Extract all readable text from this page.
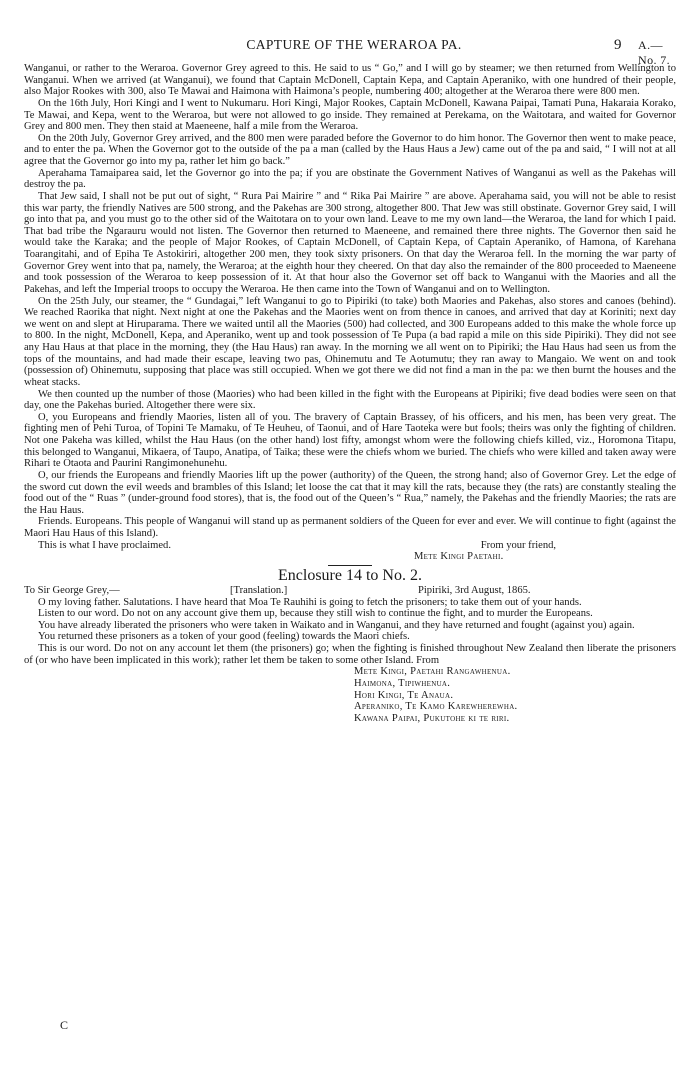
CAPTURE OF THE WERAROA PA.	9 A.—No. 7.

Wanganui, or rather to the Weraroa. Governor Grey agreed to this. He said to us “ Go,” and I will go by steamer; we then returned from Wellington to Wanganui. When we arrived (at Wanganui), we found that Captain McDonell, Captain Kepa, and Captain Aperaniko, with one hundred of their people, also Major Rookes with 300, also Te Mawai and Haimona with Haimona’s people, numbering 400; altogether at the Weraroa there were 800 men.

On the 16th July, Hori Kingi and I went to Nukumaru. Hori Kingi, Major Rookes, Captain McDonell, Kawana Paipai, Tamati Puna, Hakaraia Korako, Te Mawai, and Kepa, went to the Weraroa, but were not allowed to go inside. They remained at Perekama, on the Waitotara, and waited for Governor Grey and 800 men. They then staid at Maeneene, half a mile from the Weraroa.

On the 20th July, Governor Grey arrived, and the 800 men were paraded before the Governor to do him honor. The Governor then went to make peace, and to enter the pa. When the Governor got to the outside of the pa a man (called by the Haus Haus a Jew) came out of the pa and said, “ I will not at all agree that the Governor go into my pa, rather let him go back.”

Aperahama Tamaiparea said, let the Governor go into the pa; if you are obstinate the Government Natives of Wanganui as well as the Pakehas will destroy the pa.

That Jew said, I shall not be put out of sight, “ Rura Pai Mairire ” and “ Rika Pai Mairire ” are above. Aperahama said, you will not be able to resist this war party, the friendly Natives are 500 strong, and the Pakehas are 300 strong, altogether 800. That Jew was still obstinate. Governor Grey said, I will go into that pa, and you must go to the other sid of the Waitotara on to your own land. Leave to me my own land—the Weraroa, the land for which I paid. That bad tribe the Ngarauru would not listen. The Governor then returned to Maeneene, and remained there three nights. The Governor then said he would take the Karaka; and the people of Major Rookes, of Captain McDonell, of Captain Kepa, of Captain Aperaniko, of Hamona, of Karehana Toarangitahi, and of Epiha Te Astokiriri, altogether 200 men, they took sixty prisoners. On that day the Weraroa fell. In the morning the war party of Governor Grey went into that pa, namely, the Weraroa; at the eighth hour they cheered. On that day also the remainder of the 800 proceeded to Maeneene and took possession of the Weraroa to keep possession of it. At that hour also the Governor set off back to Wanganui with the Maories and all the Pakehas, and left the Imperial troops to occupy the Weraroa. He then came into the Town of Wanganui and on to Wellington.

On the 25th July, our steamer, the “ Gundagai,” left Wanganui to go to Pipiriki (to take) both Maories and Pakehas, also stores and canoes (behind). We reached Raorika that night. Next night at one the Pakehas and the Maories went on from thence in canoes, and arrived that day at Koriniti; next day we went on and slept at Hiruparama. There we waited until all the Maories (500) had collected, and 300 Europeans added to this make the whole force up to 800. In the night, McDonell, Kepa, and Aperaniko, went up and took possession of Te Pupa (a bad rapid a mile on this side Pipiriki). They did not see any Hau Haus at that place in the morning, they (the Hau Haus) ran away. In the morning we all went on to Pipiriki; the Hau Haus had seen us from the tops of the mountains, and had made their escape, leaving two pas, Ohinemutu and Te Aotumutu; they ran away to Mangaio. We went on and took (possession of) Ohinemutu, supposing that place was still occupied. When we got there we did not find a man in the pa: we then burnt the houses and the wheat stacks.

We then counted up the number of those (Maories) who had been killed in the fight with the Europeans at Pipiriki; five dead bodies were seen on that day, one the Pakehas buried. Altogether there were six.

O, you Europeans and friendly Maories, listen all of you. The bravery of Captain Brassey, of his officers, and his men, has been very great. The fighting men of Pehi Turoa, of Topini Te Mamaku, of Te Heuheu, of Taonui, and of Hare Taoteka were but fools; theirs was only the fighting of children. Not one Pakeha was killed, whilst the Hau Haus (on the other hand) lost fifty, amongst whom were the following chiefs killed, viz., Horomona Titapu, this belonged to Wanganui, Mikaera, of Taupo, Anatipa, of Taika; these were the chiefs whom we buried. The chiefs who were killed and taken away were Rihari te Otaota and Paurini Rangimonehunehu.

O, our friends the Europeans and friendly Maories lift up the power (authority) of the Queen, the strong hand; also of Governor Grey. Let the edge of the sword cut down the evil weeds and brambles of this Island; let loose the cat that it may kill the rats, because they (the rats) are constantly stealing the food out of the “ Ruas ” (under-ground food stores), that is, the food out of the Queen’s “ Rua,” namely, the Pakehas and the friendly Maories; the rats are the Hau Haus.

Friends. Europeans. This people of Wanganui will stand up as permanent soldiers of the Queen for ever and ever. We will continue to fight (against the Maori Hau Haus of this Island).

This is what I have proclaimed.	From your friend,
Mete Kingi Paetahi.
Enclosure 14 to No. 2.
To Sir George Grey,—	[Translation.]	Pipiriki, 3rd August, 1865.

O my loving father. Salutations. I have heard that Moa Te Rauhihi is going to fetch the prisoners; to take them out of your hands.

Listen to our word. Do not on any account give them up, because they still wish to continue the fight, and to murder the Europeans.

You have already liberated the prisoners who were taken in Waikato and in Wanganui, and they have returned and fought (against you) again.

You returned these prisoners as a token of your good (feeling) towards the Maori chiefs.

This is our word. Do not on any account let them (the prisoners) go; when the fighting is finished throughout New Zealand then liberate the prisoners of (or who have been implicated in this work); rather let them be taken to some other Island. From

Mete Kingi, Paetahi Rangawhenua.
Haimona, Tipiwhenua.
Hori Kingi, Te Anaua.
Aperaniko, Te Kamo Karewherewha.
Kawana Paipai, Pukutohe ki te riri.
C
